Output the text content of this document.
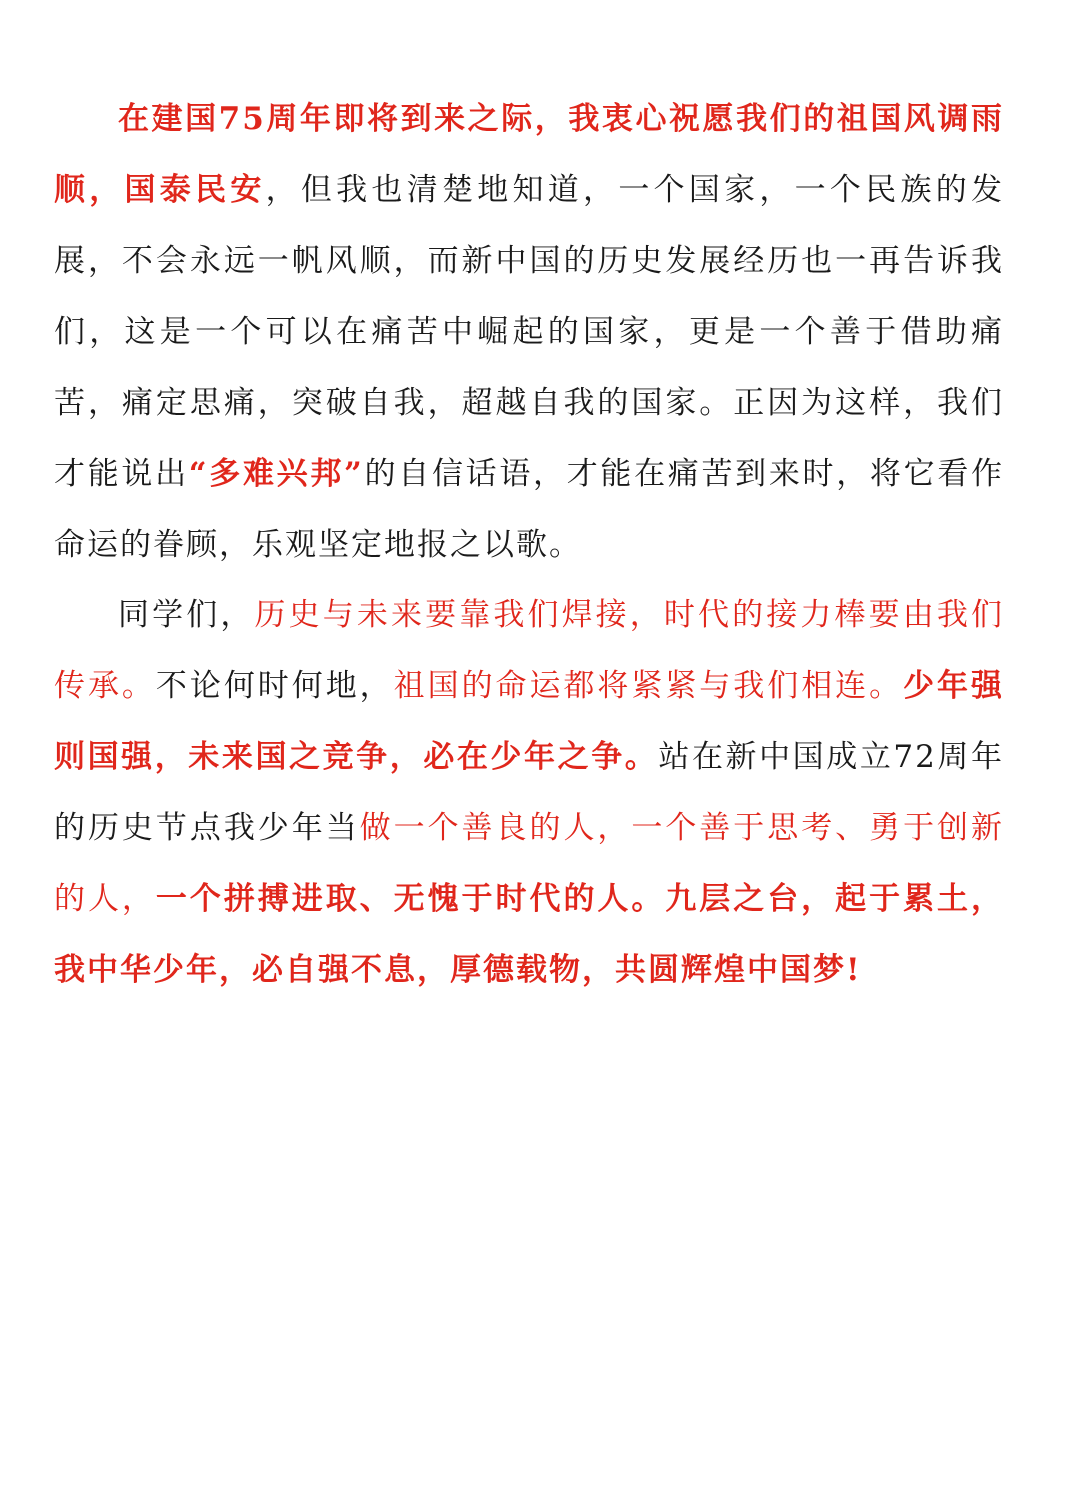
在建国75周年即将到来之际，我衷心祝愿我们的祖国风调雨顺，国泰民安，但我也清楚地知道，一个国家，一个民族的发展，不会永远一帆风顺，而新中国的历史发展经历也一再告诉我们，这是一个可以在痛苦中崛起的国家，更是一个善于借助痛苦，痛定思痛，突破自我，超越自我的国家。正因为这样，我们才能说出“多难兴邦”的自信话语，才能在痛苦到来时，将它看作命运的眷顾，乐观坚定地报之以歌。

同学们，历史与未来要靠我们焊接，时代的接力棒要由我们传承。不论何时何地，祖国的命运都将紧紧与我们相连。少年强则国强，未来国之竞争，必在少年之争。站在新中国成立72周年的历史节点我少年当做一个善良的人，一个善于思考、勇于创新的人，一个拼搏进取、无愧于时代的人。九层之台，起于累土，我中华少年，必自强不息，厚德载物，共圆辉煌中国梦!
